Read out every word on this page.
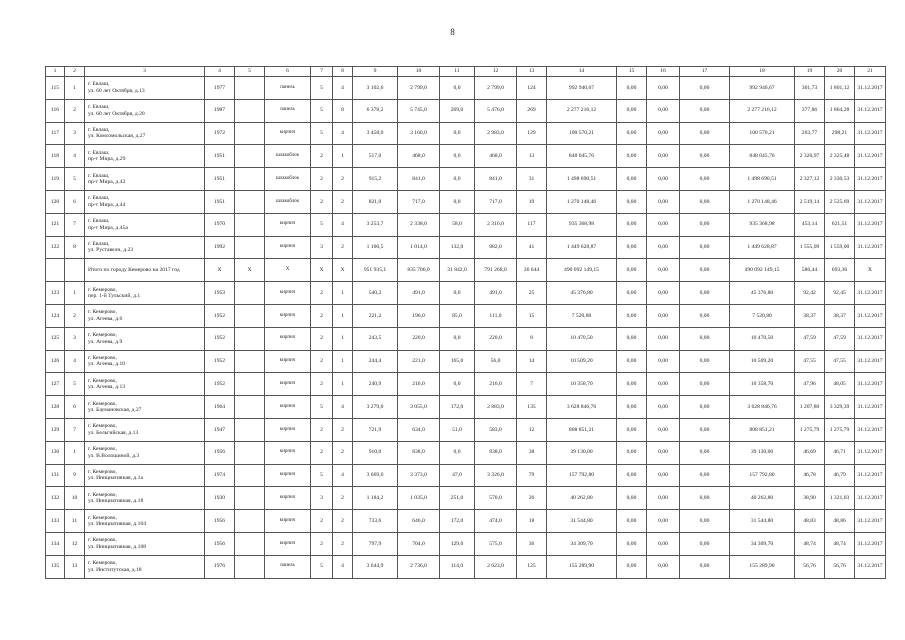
8
1	2	3	4	5	6	7	8	9	10	11	12	13	14	15	16	17	18	19	20	21
115	1	г. Евлаш,
ул. 60 лет Октября, д.13	1977		панель	5	4	3 102,6	2 799,0	0,0	2 799,0	124	992 940,67	0,00	0,00	0,00	992 940,67	301,73	1 801,12	31.12.2017
116	2	г. Евлаш,
ул. 60 лет Октября, д.20	1987		панель	5	8	6 378,2	5 745,0	269,0	5 476,0	269	2 277 216,12	0,00	0,00	0,00	2 277 216,12	377,86	1 864,28	31.12.2017
117	3	г. Евлаш,
ул. Комсомольская, д.27	1972		кирпич	5	4	3 458,0	3 160,0	0,0	2 983,0	129	100 570,21	0,00	0,00	0,00	100 570,21	263,77	298,21	31.12.2017
118	4	г. Евлаш,
пр-т Мира, д.29	1951		шлакоблок	2	1	517,0	468,0	0,0	468,0	13	848 045,76	0,00	0,00	0,00	848 045,76	2 320,97	2 325,48	31.12.2017
119	5	г. Евлаш,
пр-т Мира, д.42	1951		шлакоблок	2	2	915,2	841,0	0,0	841,0	31	1 498 690,51	0,00	0,00	0,00	1 498 690,51	2 327,12	2 330,53	31.12.2017
120	6	г. Евлаш,
пр-т Мира, д.44	1951		шлакоблок	2	2	821,0	717,0	0,0	717,0	19	1 270 148,46	0,00	0,00	0,00	1 270 148,46	2 519,14	2 525,69	31.12.2017
121	7	г. Евлаш,
пр-т Мира, д.45а	1970		кирпич	5	4	3 253,7	2 338,0	58,0	2 316,0	117	935 368,98	0,00	0,00	0,00	935 368,98	453,14	621,51	31.12.2017
122	8	г. Евлаш,
ул. Руставели, д.23	1992		кирпич	3	2	1 106,5	1 014,0	132,0	882,0	41	1 449 628,87	0,00	0,00	0,00	1 449 628,87	1 555,09	1 559,00	31.12.2017
		Итого по городу Кемерово на 2017 год	X	X	X	X	X	951 935,1	835 706,0	31 842,0	791 268,0	36 644	490 092 149,15	0,00	0,00	0,00	490 092 149,15	586,44	693,36	X
123	1	г. Кемерово,
пер. 1-й Тульский, д.1	1953		кирпич	2	1	540,2	491,0	0,0	491,0	25	45 376,80	0,00	0,00	0,00	45 376,80	92,42	92,45	31.12.2017
124	2	г. Кемерово,
ул. Агеева, д.6	1952		кирпич	2	1	221,2	196,0	85,0	111,0	15	7 520,80	0,00	0,00	0,00	7 520,80	38,37	38,37	31.12.2017
125	3	г. Кемерово,
ул. Агеева, д.9	1952		кирпич	2	1	243,5	220,0	0,0	220,0	8	10 470,50	0,00	0,00	0,00	10 470,50	47,59	47,59	31.12.2017
126	4	г. Кемерово,
ул. Агеева, д.10	1952		кирпич	2	1	244,4	221,0	165,0	56,0	14	10 509,20	0,00	0,00	0,00	10 509,20	47,55	47,55	31.12.2017
127	5	г. Кемерово,
ул. Агеева, д.13	1952		кирпич	2	1	240,9	216,0	0,0	216,0	7	10 358,70	0,00	0,00	0,00	10 358,70	47,96	48,05	31.12.2017
128	6	г. Кемерово,
ул. Баумановская, д.27	1964		кирпич	5	4	3 279,0	3 055,0	172,0	2 883,0	135	3 628 846,76	0,00	0,00	0,00	3 628 846,76	1 207,80	3 329,39	31.12.2017
129	7	г. Кемерово,
ул. Бельгийская, д.13	1947		кирпич	2	2	721,9	634,0	51,0	583,0	12	808 851,21	0,00	0,00	0,00	808 851,21	1 275,79	1 275,79	31.12.2017
130	1	г. Кемерово,
ул. В.Волошиной, д.3	1956		кирпич	2	2	910,0	838,0	0,0	838,0	38	39 130,00	0,00	0,00	0,00	39 130,00	46,69	46,71	31.12.2017
131	9	г. Кемерово,
ул. Инициативная, д.1а	1974		кирпич	5	4	3 669,6	3 373,0	47,0	3 326,0	79	157 792,80	0,00	0,00	0,00	157 792,80	46,78	46,79	31.12.2017
132	10	г. Кемерово,
ул. Инициативная, д.18	1930		кирпич	3	2	1 184,2	1 035,0	251,0	570,0	26	40 262,80	0,00	0,00	0,00	40 262,80	38,90	1 321,03	31.12.2017
133	11	г. Кемерово,
ул. Инициативная, д.104	1956		кирпич	2	2	733,6	646,0	172,0	474,0	18	31 544,80	0,00	0,00	0,00	31 544,80	48,83	48,86	31.12.2017
134	12	г. Кемерово,
ул. Инициативная, д.108	1956		кирпич	2	2	797,9	704,0	129,0	575,0	36	34 309,70	0,00	0,00	0,00	34 309,70	48,74	48,74	31.12.2017
135	13	г. Кемерово,
ул. Институтская, д.18	1976		панель	5	4	3 644,9	2 736,0	114,0	2 623,0	125	155 289,90	0,00	0,00	0,00	155 289,90	56,76	56,76	31.12.2017
